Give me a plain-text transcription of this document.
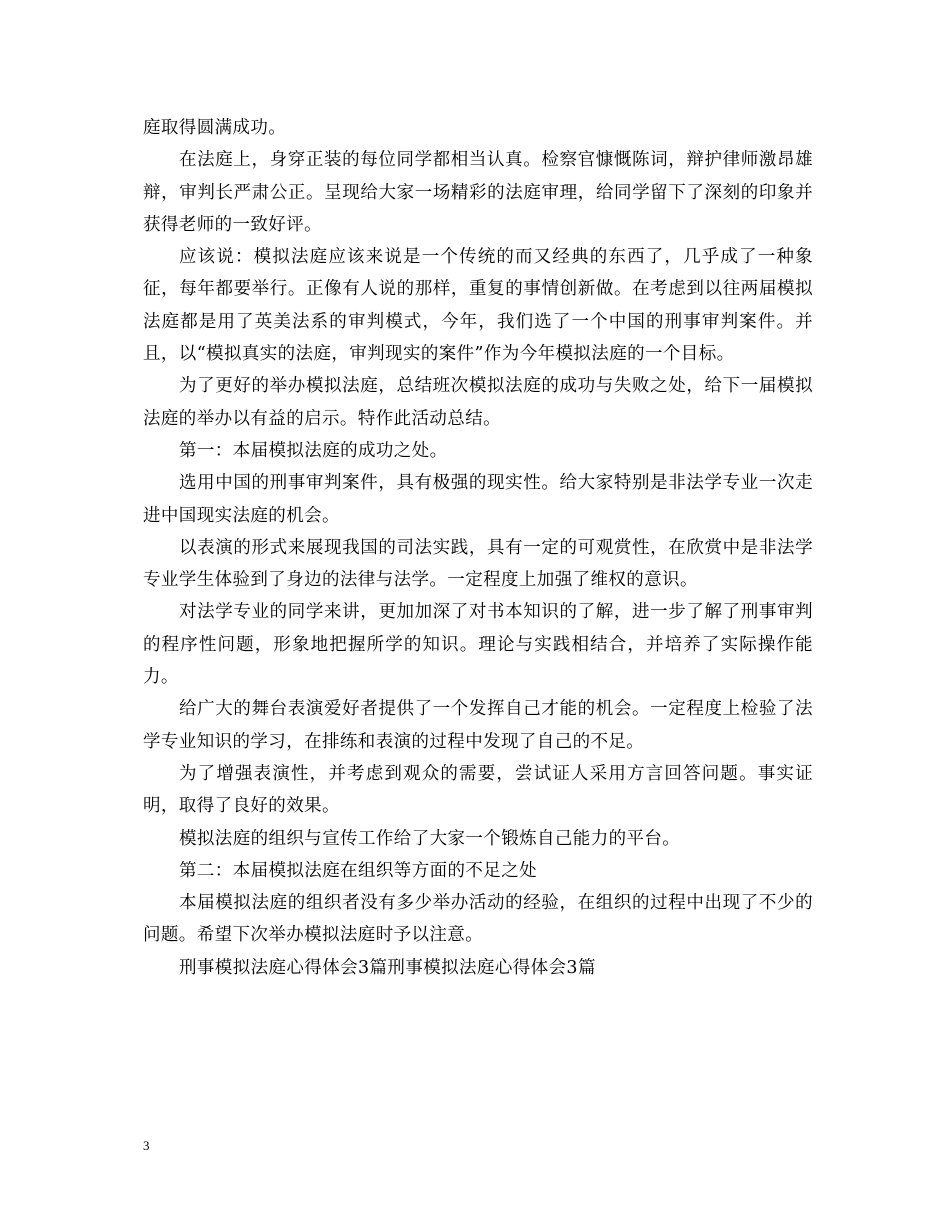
庭取得圆满成功。

在法庭上，身穿正装的每位同学都相当认真。检察官慷慨陈词，辩护律师激昂雄辩，审判长严肃公正。呈现给大家一场精彩的法庭审理，给同学留下了深刻的印象并获得老师的一致好评。

应该说：模拟法庭应该来说是一个传统的而又经典的东西了，几乎成了一种象征，每年都要举行。正像有人说的那样，重复的事情创新做。在考虑到以往两届模拟法庭都是用了英美法系的审判模式，今年，我们选了一个中国的刑事审判案件。并且，以“模拟真实的法庭，审判现实的案件”作为今年模拟法庭的一个目标。

为了更好的举办模拟法庭，总结班次模拟法庭的成功与失败之处，给下一届模拟法庭的举办以有益的启示。特作此活动总结。

第一：本届模拟法庭的成功之处。

选用中国的刑事审判案件，具有极强的现实性。给大家特别是非法学专业一次走进中国现实法庭的机会。

以表演的形式来展现我国的司法实践，具有一定的可观赏性，在欣赏中是非法学专业学生体验到了身边的法律与法学。一定程度上加强了维权的意识。

对法学专业的同学来讲，更加加深了对书本知识的了解，进一步了解了刑事审判的程序性问题，形象地把握所学的知识。理论与实践相结合，并培养了实际操作能力。

给广大的舞台表演爱好者提供了一个发挥自己才能的机会。一定程度上检验了法学专业知识的学习，在排练和表演的过程中发现了自己的不足。

为了增强表演性，并考虑到观众的需要，尝试证人采用方言回答问题。事实证明，取得了良好的效果。

模拟法庭的组织与宣传工作给了大家一个锻炼自己能力的平台。

第二：本届模拟法庭在组织等方面的不足之处

本届模拟法庭的组织者没有多少举办活动的经验，在组织的过程中出现了不少的问题。希望下次举办模拟法庭时予以注意。

刑事模拟法庭心得体会3篇刑事模拟法庭心得体会3篇

3
